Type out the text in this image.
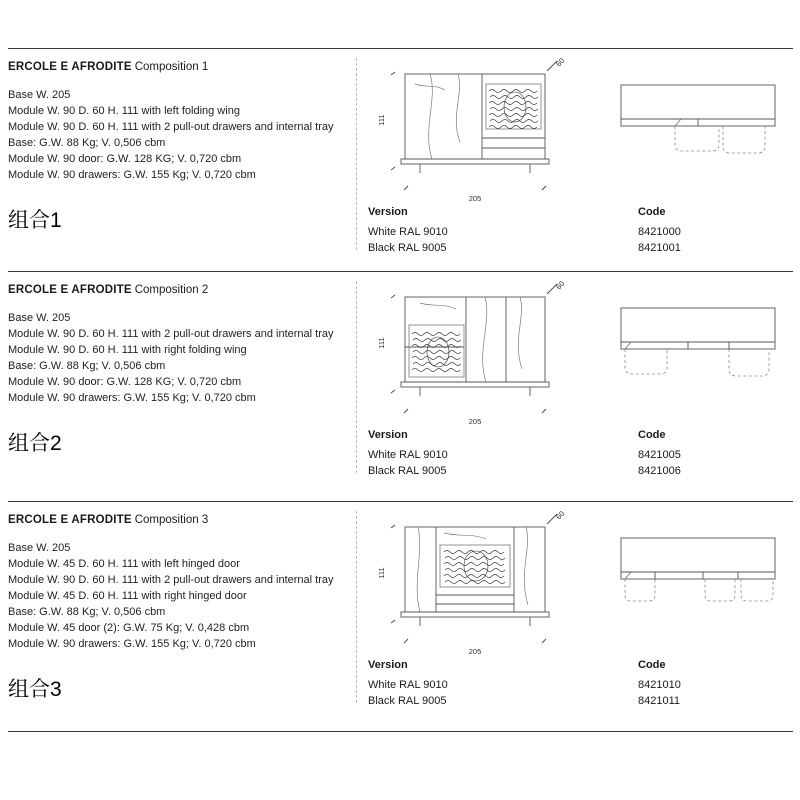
ERCOLE E AFRODITE Composition 1
Base W. 205
Module W. 90 D. 60 H. 111 with left folding wing
Module W. 90 D. 60 H. 111 with 2 pull-out drawers and internal tray
Base: G.W. 88 Kg; V. 0,506 cbm
Module W. 90 door: G.W. 128 KG; V. 0,720 cbm
Module W. 90 drawers: G.W. 155 Kg; V. 0,720 cbm
组合1
111
205
60
Version
White RAL 9010
Black RAL 9005
Code
8421000
8421001
ERCOLE E AFRODITE Composition 2
Base W. 205
Module W. 90 D. 60 H. 111 with 2 pull-out drawers and internal tray
Module W. 90 D. 60 H. 111 with right folding wing
Base: G.W. 88 Kg; V. 0,506 cbm
Module W. 90 door: G.W. 128 KG; V. 0,720 cbm
Module W. 90 drawers: G.W. 155 Kg; V. 0,720 cbm
组合2
111
205
60
Version
White RAL 9010
Black RAL 9005
Code
8421005
8421006
ERCOLE E AFRODITE Composition 3
Base W. 205
Module W. 45 D. 60 H. 111 with left hinged door
Module W. 90 D. 60 H. 111 with 2 pull-out drawers and internal tray
Module W. 45 D. 60 H. 111 with right hinged door
Base: G.W. 88 Kg; V. 0,506 cbm
Module W. 45 door (2): G.W. 75 Kg; V. 0,428 cbm
Module W. 90 drawers: G.W. 155 Kg; V. 0,720 cbm
组合3
111
205
60
Version
White RAL 9010
Black RAL 9005
Code
8421010
8421011
